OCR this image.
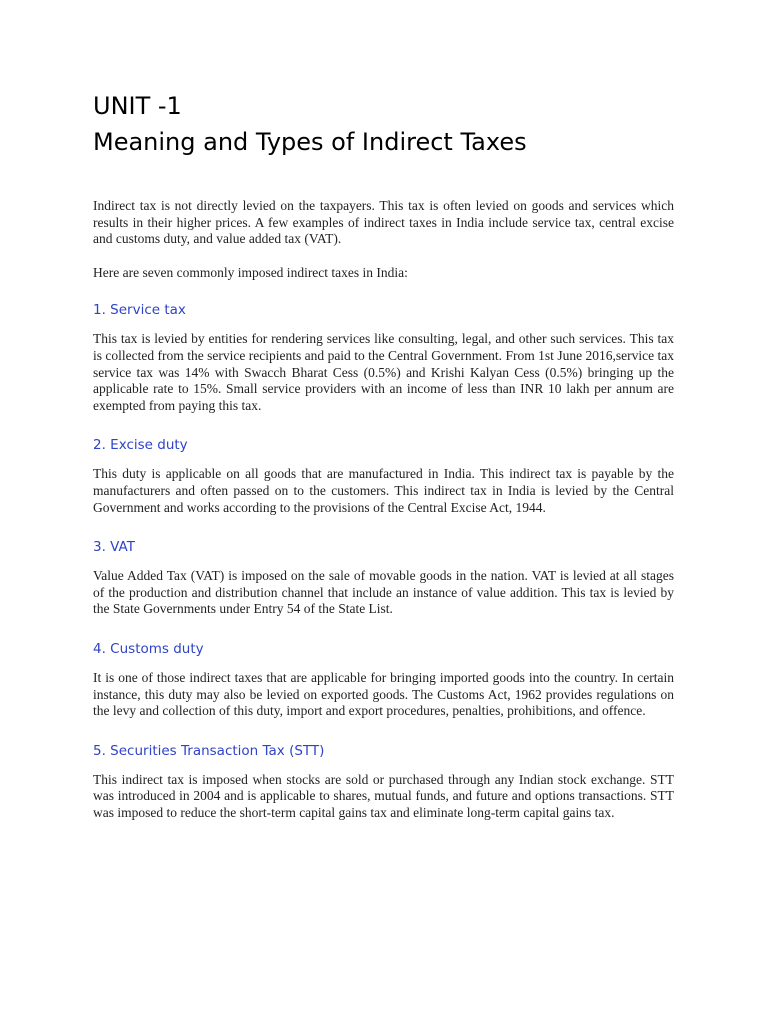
UNIT -1
Meaning and Types of Indirect Taxes

Indirect tax is not directly levied on the taxpayers. This tax is often levied on goods and services which results in their higher prices. A few examples of indirect taxes in India include service tax, central excise and customs duty, and value added tax (VAT).

Here are seven commonly imposed indirect taxes in India:

1. Service tax

This tax is levied by entities for rendering services like consulting, legal, and other such services. This tax is collected from the service recipients and paid to the Central Government. From 1st June 2016,service tax service tax was 14% with Swacch Bharat Cess (0.5%) and Krishi Kalyan Cess (0.5%) bringing up the applicable rate to 15%. Small service providers with an income of less than INR 10 lakh per annum are exempted from paying this tax.

2. Excise duty

This duty is applicable on all goods that are manufactured in India. This indirect tax is payable by the manufacturers and often passed on to the customers. This indirect tax in India is levied by the Central Government and works according to the provisions of the Central Excise Act, 1944.

3. VAT

Value Added Tax (VAT) is imposed on the sale of movable goods in the nation. VAT is levied at all stages of the production and distribution channel that include an instance of value addition. This tax is levied by the State Governments under Entry 54 of the State List.

4. Customs duty

It is one of those indirect taxes that are applicable for bringing imported goods into the country. In certain instance, this duty may also be levied on exported goods. The Customs Act, 1962 provides regulations on the levy and collection of this duty, import and export procedures, penalties, prohibitions, and offence.

5. Securities Transaction Tax (STT)

This indirect tax is imposed when stocks are sold or purchased through any Indian stock exchange. STT was introduced in 2004 and is applicable to shares, mutual funds, and future and options transactions. STT was imposed to reduce the short-term capital gains tax and eliminate long-term capital gains tax.
